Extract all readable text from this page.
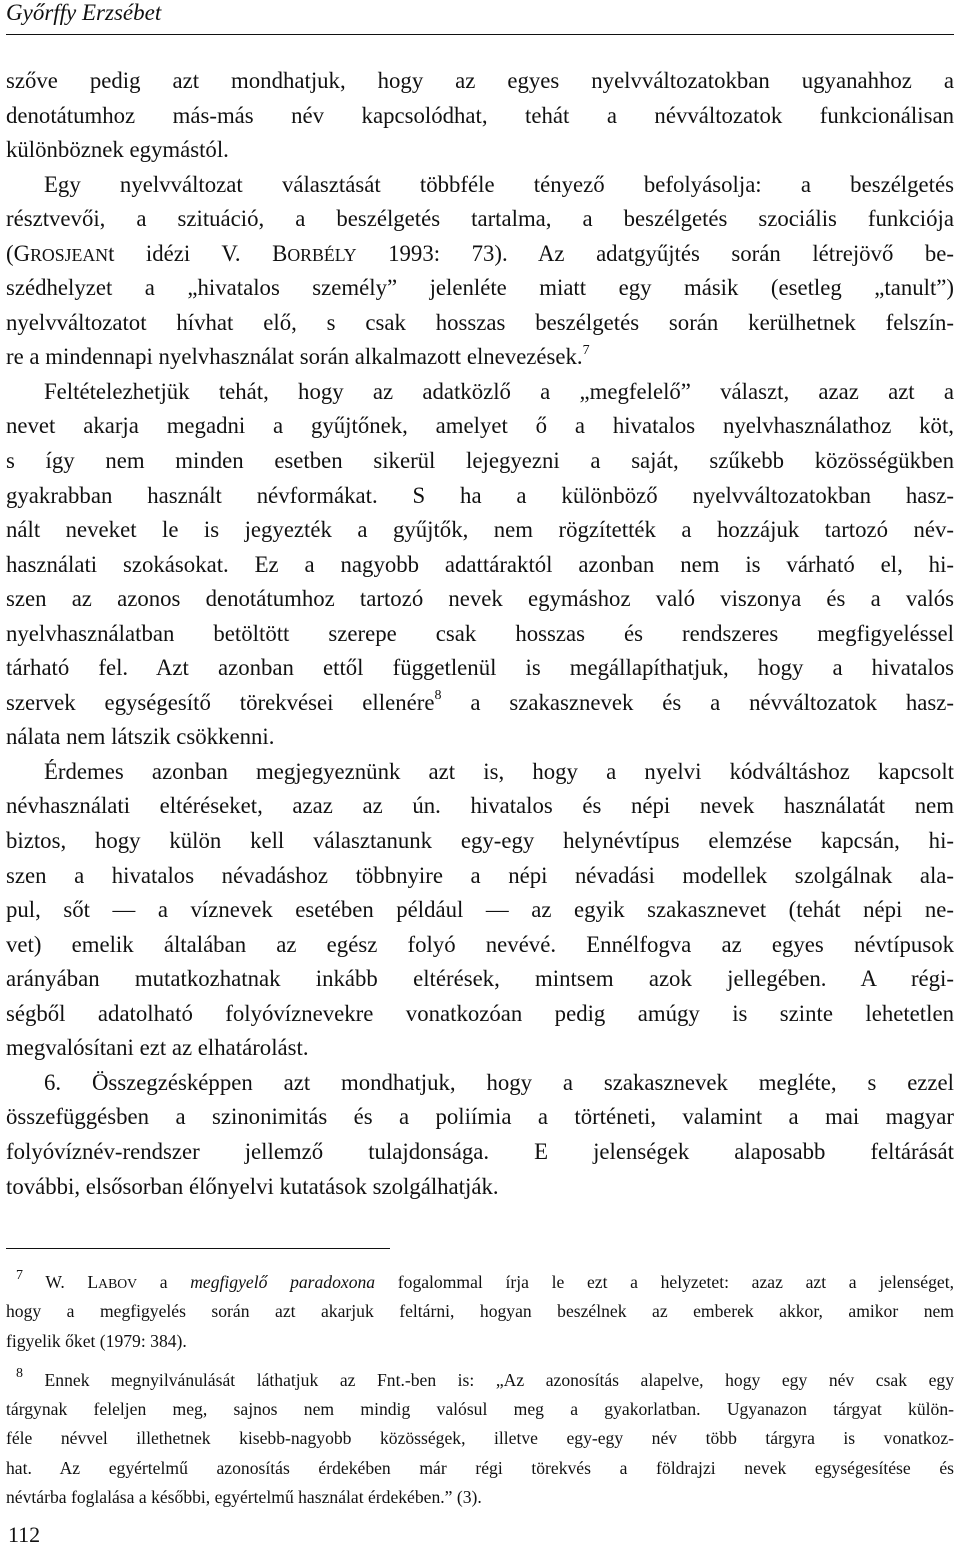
Győrffy Erzsébet
szőve pedig azt mondhatjuk, hogy az egyes nyelvváltozatokban ugyanahhoz a
denotátumhoz más-más név kapcsolódhat, tehát a névváltozatok funkcionálisan
különböznek egymástól.
Egy nyelvváltozat választását többféle tényező befolyásolja: a beszélgetés
résztvevői, a szituáció, a beszélgetés tartalma, a beszélgetés szociális funkciója
(GROSJEANt idézi V. BORBÉLY 1993: 73). Az adatgyűjtés során létrejövő be-
szédhelyzet a „hivatalos személy” jelenléte miatt egy másik (esetleg „tanult”)
nyelvváltozatot hívhat elő, s csak hosszas beszélgetés során kerülhetnek felszín-
re a mindennapi nyelvhasználat során alkalmazott elnevezések.$^7$
Feltételezhetjük tehát, hogy az adatközlő a „megfelelő” választ, azaz azt a
nevet akarja megadni a gyűjtőnek, amelyet ő a hivatalos nyelvhasználathoz köt,
s így nem minden esetben sikerül lejegyezni a saját, szűkebb közösségükben
gyakrabban használt névformákat. S ha a különböző nyelvváltozatokban hasz-
nált neveket le is jegyezték a gyűjtők, nem rögzítették a hozzájuk tartozó név-
használati szokásokat. Ez a nagyobb adattáraktól azonban nem is várható el, hi-
szen az azonos denotátumhoz tartozó nevek egymáshoz való viszonya és a valós
nyelvhasználatban betöltött szerepe csak hosszas és rendszeres megfigyeléssel
tárható fel. Azt azonban ettől függetlenül is megállapíthatjuk, hogy a hivatalos
szervek egységesítő törekvései ellenére$^8$ a szakasznevek és a névváltozatok hasz-
nálata nem látszik csökkenni.
Érdemes azonban megjegyeznünk azt is, hogy a nyelvi kódváltáshoz kapcsolt
névhasználati eltéréseket, azaz az ún. hivatalos és népi nevek használatát nem
biztos, hogy külön kell választanunk egy-egy helynévtípus elemzése kapcsán, hi-
szen a hivatalos névadáshoz többnyire a népi névadási modellek szolgálnak ala-
pul, sőt — a víznevek esetében például — az egyik szakasznevet (tehát népi ne-
vet) emelik általában az egész folyó nevévé. Ennélfogva az egyes névtípusok
arányában mutatkozhatnak inkább eltérések, mintsem azok jellegében. A régi-
ségből adatolható folyóvíznevekre vonatkozóan pedig amúgy is szinte lehetetlen
megvalósítani ezt az elhatárolást.
6. Összegzésképpen azt mondhatjuk, hogy a szakasznevek megléte, s ezzel
összefüggésben a szinonimitás és a poliímia a történeti, valamint a mai magyar
folyóvíznév-rendszer jellemző tulajdonsága. E jelenségek alaposabb feltárását
további, elsősorban élőnyelvi kutatások szolgálhatják.
$^7$ W. LABOV a megfigyelő paradoxona fogalommal írja le ezt a helyzetet: azaz azt a jelenséget,
hogy a megfigyelés során azt akarjuk feltárni, hogyan beszélnek az emberek akkor, amikor nem
figyelik őket (1979: 384).
$^8$ Ennek megnyilvánulását láthatjuk az Fnt.-ben is: „Az azonosítás alapelve, hogy egy név csak egy
tárgynak feleljen meg, sajnos nem mindig valósul meg a gyakorlatban. Ugyanazon tárgyat külön-
féle névvel illethetnek kisebb-nagyobb közösségek, illetve egy-egy név több tárgyra is vonatkoz-
hat. Az egyértelmű azonosítás érdekében már régi törekvés a földrajzi nevek egységesítése és
névtárba foglalása a későbbi, egyértelmű használat érdekében.” (3).
112
